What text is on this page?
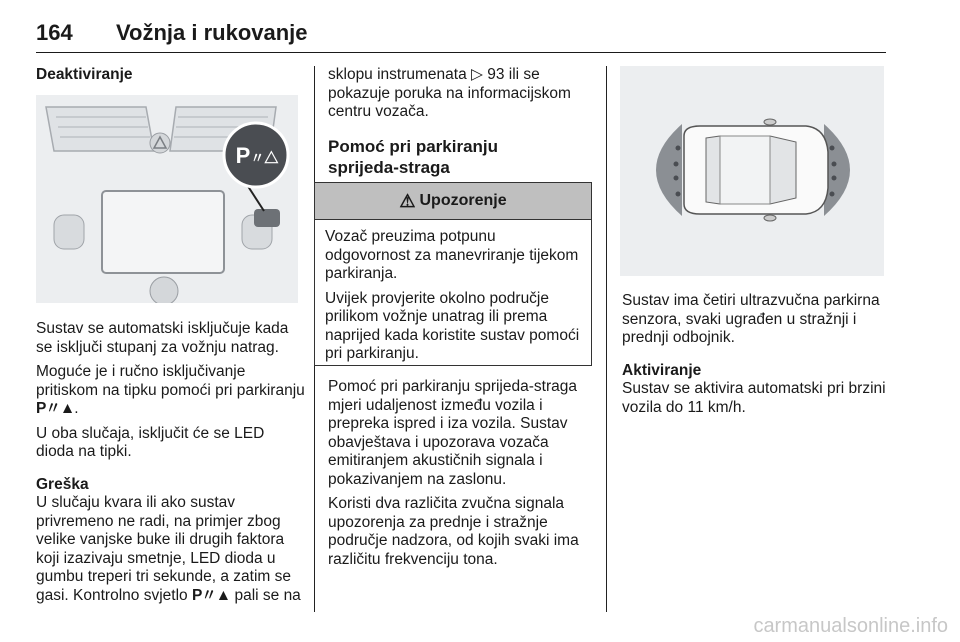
164 Vožnja i rukovanje
Deaktiviranje
P〃△

Sustav se automatski isključuje kada se isključi stupanj za vožnju natrag.

Moguće je i ručno isključivanje pritiskom na tipku pomoći pri parkiranju P〃▲.

U oba slučaja, isključit će se LED dioda na tipki.

Greška

U slučaju kvara ili ako sustav privremeno ne radi, na primjer zbog velike vanjske buke ili drugih faktora koji izazivaju smetnje, LED dioda u gumbu treperi tri sekunde, a zatim se gasi. Kontrolno svjetlo P〃▲ pali se na

sklopu instrumenata ▷ 93 ili se pokazuje poruka na informacijskom centru vozača.

Pomoć pri parkiranju
sprijeda-straga
⚠ Upozorenje

Vozač preuzima potpunu odgovornost za manevriranje tijekom parkiranja.

Uvijek provjerite okolno područje prilikom vožnje unatrag ili prema naprijed kada koristite sustav pomoći pri parkiranju.

Pomoć pri parkiranju sprijeda-straga mjeri udaljenost između vozila i prepreka ispred i iza vozila. Sustav obavještava i upozorava vozača emitiranjem akustičnih signala i pokazivanjem na zaslonu.

Koristi dva različita zvučna signala upozorenja za prednje i stražnje područje nadzora, od kojih svaki ima različitu frekvenciju tona.

Sustav ima četiri ultrazvučna parkirna senzora, svaki ugrađen u stražnji i prednji odbojnik.

Aktiviranje

Sustav se aktivira automatski pri brzini vozila do 11 km/h.

carmanualsonline.info
